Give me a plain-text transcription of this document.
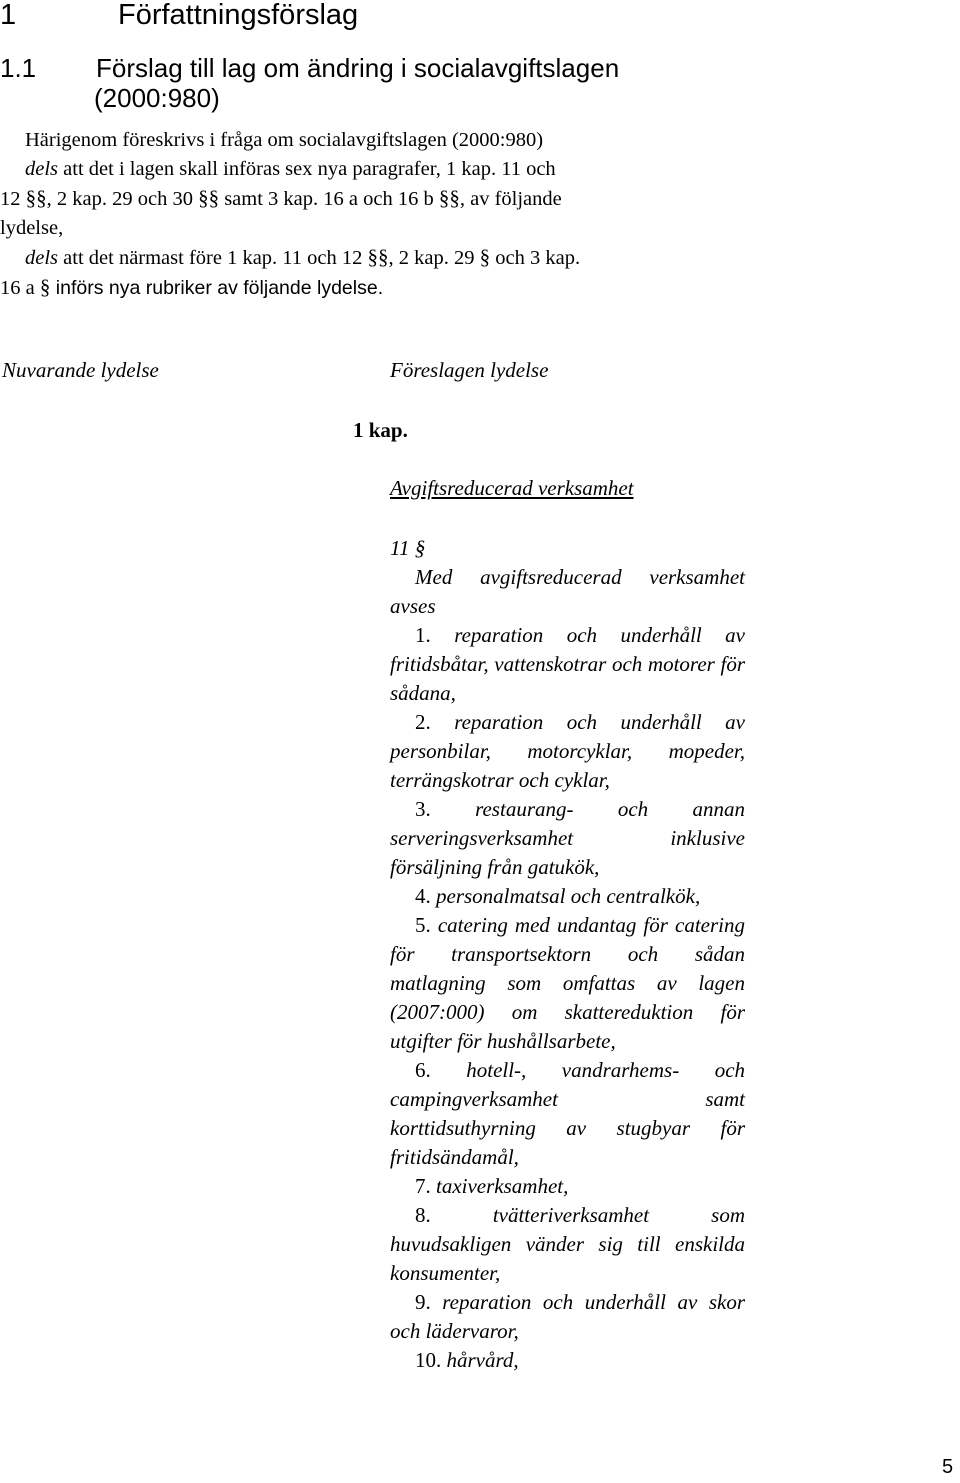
1	Författningsförslag
1.1 Förslag till lag om ändring i socialavgiftslagen
(2000:980)
Härigenom föreskrivs i fråga om socialavgiftslagen (2000:980)
dels att det i lagen skall införas sex nya paragrafer, 1 kap. 11 och
12 §§, 2 kap. 29 och 30 §§ samt 3 kap. 16 a och 16 b §§, av följande
lydelse,
dels att det närmast före 1 kap. 11 och 12 §§, 2 kap. 29 § och 3 kap.
16 a § införs nya rubriker av följande lydelse.
Nuvarande lydelse	Föreslagen lydelse
1 kap.
Avgiftsreducerad verksamhet

11 §

Med avgiftsreducerad verksamhet avses

1. reparation och underhåll av fritidsbåtar, vattenskotrar och motorer för sådana,

2. reparation och underhåll av personbilar, motorcyklar, mopeder, terrängskotrar och cyklar,

3. restaurang- och annan serveringsverksamhet inklusive försäljning från gatukök,

4. personalmatsal och centralkök,

5. catering med undantag för catering för transportsektorn och sådan matlagning som omfattas av lagen (2007:000) om skattereduktion för utgifter för hushållsarbete,

6. hotell-, vandrarhems- och campingverksamhet samt korttidsuthyrning av stugbyar för fritidsändamål,

7. taxiverksamhet,

8.	tvätteriverksamhet som huvudsakligen vänder sig till enskilda konsumenter,

9. reparation och underhåll av skor och lädervaror,

10. hårvård,

5
